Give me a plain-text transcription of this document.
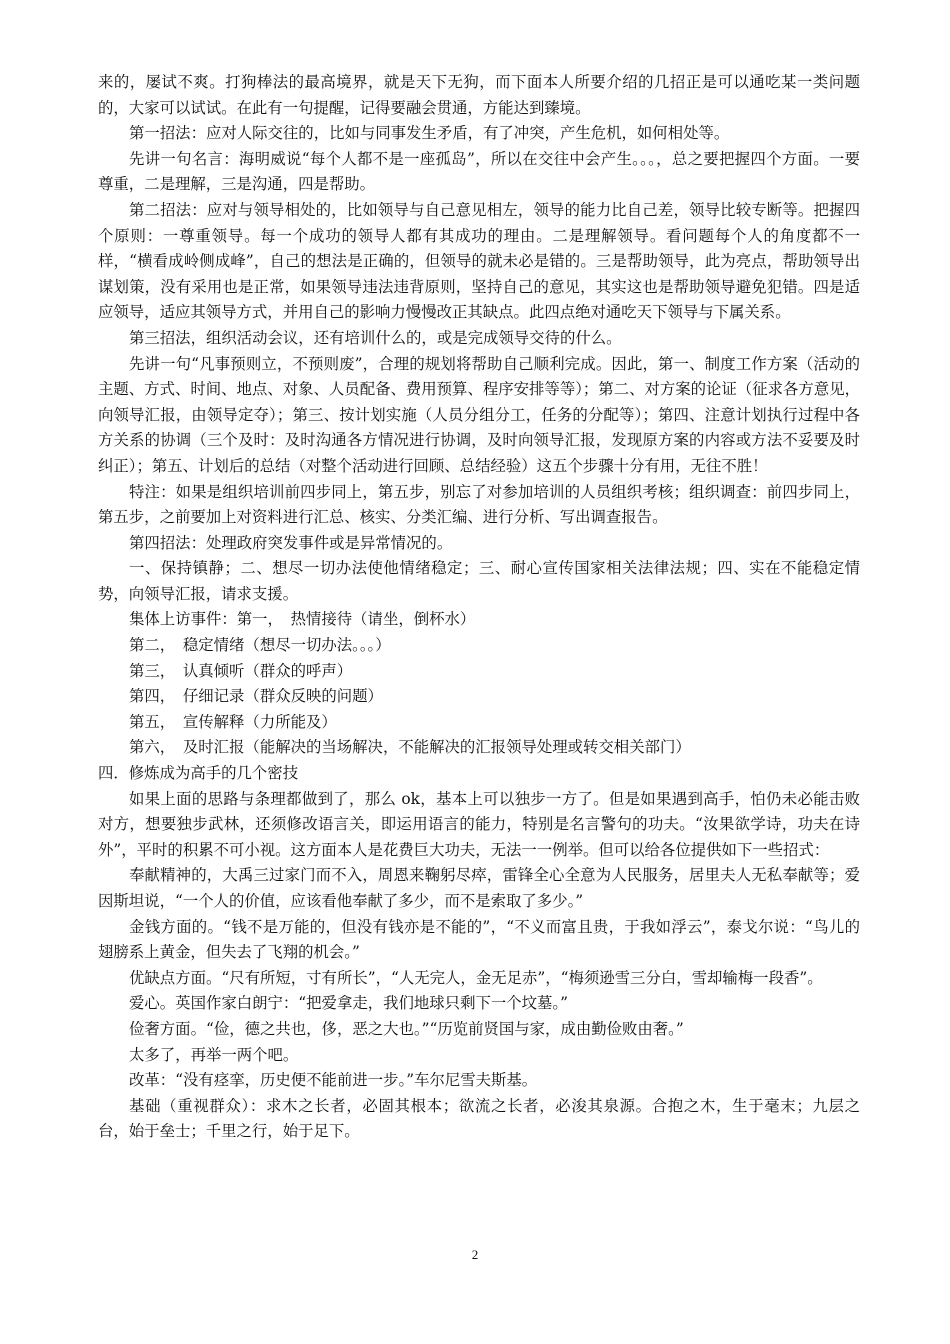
来的，屡试不爽。打狗棒法的最高境界，就是天下无狗，而下面本人所要介绍的几招正是可以通吃某一类问题的，大家可以试试。在此有一句提醒，记得要融会贯通，方能达到臻境。

第一招法：应对人际交往的，比如与同事发生矛盾，有了冲突，产生危机，如何相处等。

先讲一句名言：海明威说“每个人都不是一座孤岛”，所以在交往中会产生。。。，总之要把握四个方面。一要尊重，二是理解，三是沟通，四是帮助。

第二招法：应对与领导相处的，比如领导与自己意见相左，领导的能力比自己差，领导比较专断等。把握四个原则：一尊重领导。每一个成功的领导人都有其成功的理由。二是理解领导。看问题每个人的角度都不一样，“横看成岭侧成峰”，自己的想法是正确的，但领导的就未必是错的。三是帮助领导，此为亮点，帮助领导出谋划策，没有采用也是正常，如果领导违法违背原则，坚持自己的意见，其实这也是帮助领导避免犯错。四是适应领导，适应其领导方式，并用自己的影响力慢慢改正其缺点。此四点绝对通吃天下领导与下属关系。

第三招法，组织活动会议，还有培训什么的，或是完成领导交待的什么。

先讲一句“凡事预则立，不预则废”，合理的规划将帮助自己顺利完成。因此，第一、制度工作方案（活动的主题、方式、时间、地点、对象、人员配备、费用预算、程序安排等等）；第二、对方案的论证（征求各方意见，向领导汇报，由领导定夺）；第三、按计划实施（人员分组分工，任务的分配等）；第四、注意计划执行过程中各方关系的协调（三个及时：及时沟通各方情况进行协调，及时向领导汇报，发现原方案的内容或方法不妥要及时纠正）；第五、计划后的总结（对整个活动进行回顾、总结经验）这五个步骤十分有用，无往不胜！

特注：如果是组织培训前四步同上，第五步，别忘了对参加培训的人员组织考核；组织调查：前四步同上，第五步，之前要加上对资料进行汇总、核实、分类汇编、进行分析、写出调查报告。

第四招法：处理政府突发事件或是异常情况的。

一、保持镇静；二、想尽一切办法使他情绪稳定；三、耐心宣传国家相关法律法规；四、实在不能稳定情势，向领导汇报，请求支援。

集体上访事件：第一，　热情接待（请坐，倒杯水）

第二，　稳定情绪（想尽一切办法。。。）

第三，　认真倾听（群众的呼声）

第四，　仔细记录（群众反映的问题）

第五，　宣传解释（力所能及）

第六，　及时汇报（能解决的当场解决，不能解决的汇报领导处理或转交相关部门）

四．修炼成为高手的几个密技

如果上面的思路与条理都做到了，那么 ok，基本上可以独步一方了。但是如果遇到高手，怕仍未必能击败对方，想要独步武林，还须修改语言关，即运用语言的能力，特别是名言警句的功夫。“汝果欲学诗，功夫在诗外”，平时的积累不可小视。这方面本人是花费巨大功夫，无法一一例举。但可以给各位提供如下一些招式：

奉献精神的，大禹三过家门而不入，周恩来鞠躬尽瘁，雷锋全心全意为人民服务，居里夫人无私奉献等；爱因斯坦说，“一个人的价值，应该看他奉献了多少，而不是索取了多少。”

金钱方面的。“钱不是万能的，但没有钱亦是不能的”，“不义而富且贵，于我如浮云”，泰戈尔说：“鸟儿的翅膀系上黄金，但失去了飞翔的机会。”

优缺点方面。“尺有所短，寸有所长”，“人无完人，金无足赤”，“梅须逊雪三分白，雪却输梅一段香”。

爱心。英国作家白朗宁：“把爱拿走，我们地球只剩下一个坟墓。”

俭奢方面。“俭，德之共也，侈，恶之大也。”“历览前贤国与家，成由勤俭败由奢。”

太多了，再举一两个吧。

改革：“没有痉挛，历史便不能前进一步。”车尔尼雪夫斯基。

基础（重视群众）：求木之长者，必固其根本；欲流之长者，必浚其泉源。合抱之木，生于毫末；九层之台，始于垒士；千里之行，始于足下。

2
